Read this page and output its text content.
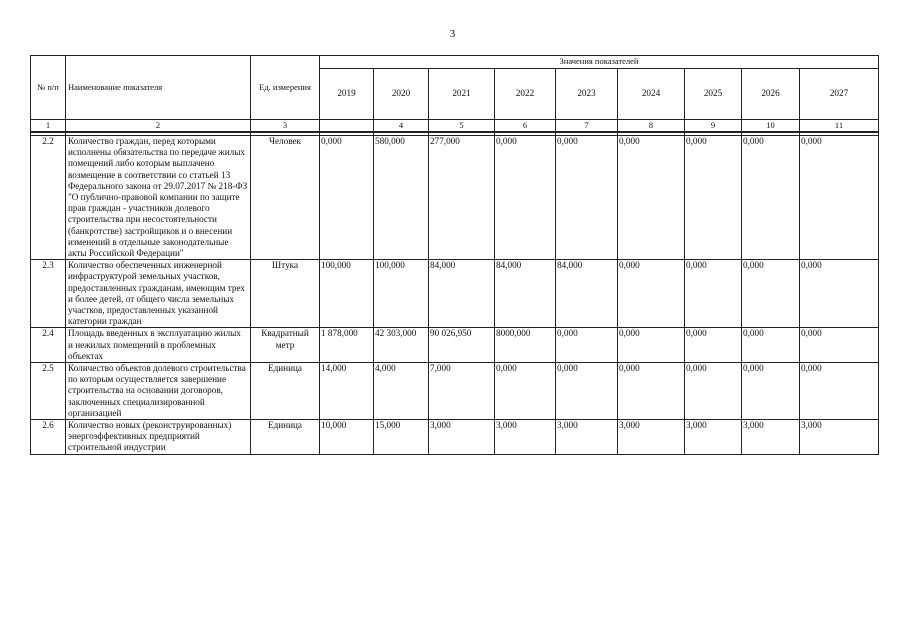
3
№ п/п	Наименование показателя	Ед. измерения	Значения показателей								
			2019	2020	2021	2022	2023	2024	2025	2026	2027
1	2	3		4	5	6	7	8	9	10	11

2.2	Количество граждан, перед которыми исполнены обязательства по передаче жилых помещений либо которым выплачено возмещение в соответствии со статьей 13 Федерального закона от 29.07.2017 № 218-ФЗ "О публично-правовой компании по защите прав граждан - участников долевого строительства при несостоятельности (банкротстве) застройщиков и о внесении изменений в отдельные законодательные акты Российской Федерации"	Человек	0,000	580,000	277,000	0,000	0,000	0,000	0,000	0,000	0,000
2.3	Количество обеспеченных инженерной инфраструктурой земельных участков, предоставленных гражданам, имеющим трех и более детей, от общего числа земельных участков, предоставленных указанной категории граждан	Штука	100,000	100,000	84,000	84,000	84,000	0,000	0,000	0,000	0,000
2.4	Площадь введенных в эксплуатацию жилых и нежилых помещений в проблемных объектах	Квадратный метр	1 878,000	42 303,000	90 026,950	8000,000	0,000	0,000	0,000	0,000	0,000
2.5	Количество объектов долевого строительства по которым осуществляется завершение строительства на основании договоров, заключенных специализированной организацией	Единица	14,000	4,000	7,000	0,000	0,000	0,000	0,000	0,000	0,000
2.6	Количество новых (реконструированных) энергоэффективных предприятий строительной индустрии	Единица	10,000	15,000	3,000	3,000	3,000	3,000	3,000	3,000	3,000
